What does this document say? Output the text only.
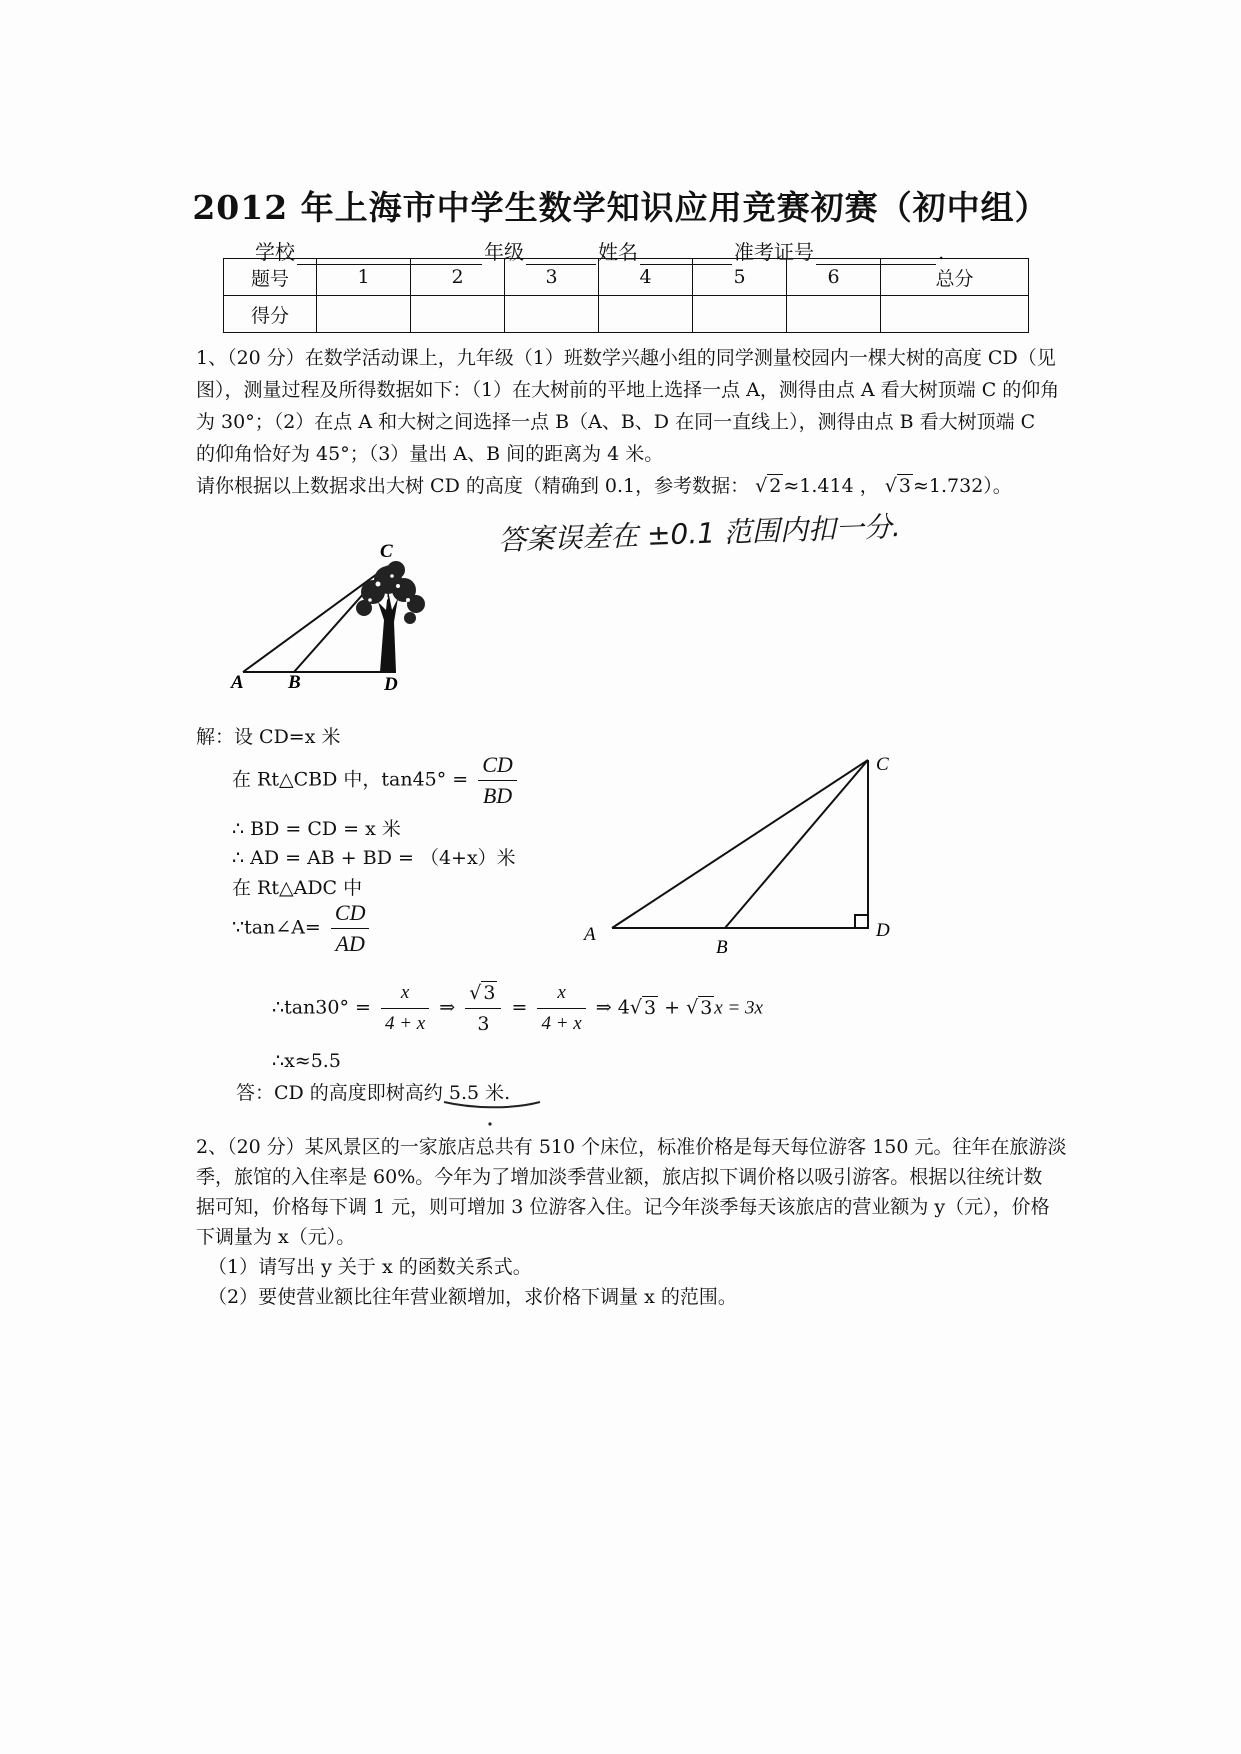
2012 年上海市中学生数学知识应用竞赛初赛（初中组）
学校	年级	姓名	准考证号	.
题号	1	2	3	4	5	6	总分
得分							
1、（20 分）在数学活动课上，九年级（1）班数学兴趣小组的同学测量校园内一棵大树的高度 CD（见
图），测量过程及所得数据如下：（1）在大树前的平地上选择一点 A，测得由点 A 看大树顶端 C 的仰角
为 30°；（2）在点 A 和大树之间选择一点 B（A、B、D 在同一直线上），测得由点 B 看大树顶端 C
的仰角恰好为 45°；（3）量出 A、B 间的距离为 4 米。
请你根据以上数据求出大树 CD 的高度（精确到 0.1，参考数据： √ 2 ≈1.414 ， √ 3 ≈1.732）。
答案误差在 ±0.1 范围内扣一分.
A B
C
D
解：设 CD=x 米
在 Rt△CBD 中，$\tan 45^\circ = \frac{CD}{BD}$
∴ BD = CD = x 米
∴ AD = AB + BD = （4+x）米
在 Rt△ADC 中
∵tan∠A= $\frac{CD}{AD}$
∴tan30° = $\frac{x}{4 + x}$ ⇒ $\frac{√ 3}{3} = \frac{x}{4 + x}$ ⇒ 4√ 3 + √ 3 x = 3x
∴x≈5.5
答：CD 的高度即树高约 5.5 米.
A
B
C
D
2、（20 分）某风景区的一家旅店总共有 510 个床位，标准价格是每天每位游客 150 元。往年在旅游淡
季，旅馆的入住率是 60%。今年为了增加淡季营业额，旅店拟下调价格以吸引游客。根据以往统计数
据可知，价格每下调 1 元，则可增加 3 位游客入住。记今年淡季每天该旅店的营业额为 y（元），价格
下调量为 x（元）。
（1）请写出 y 关于 x 的函数关系式。
（2）要使营业额比往年营业额增加，求价格下调量 x 的范围。
